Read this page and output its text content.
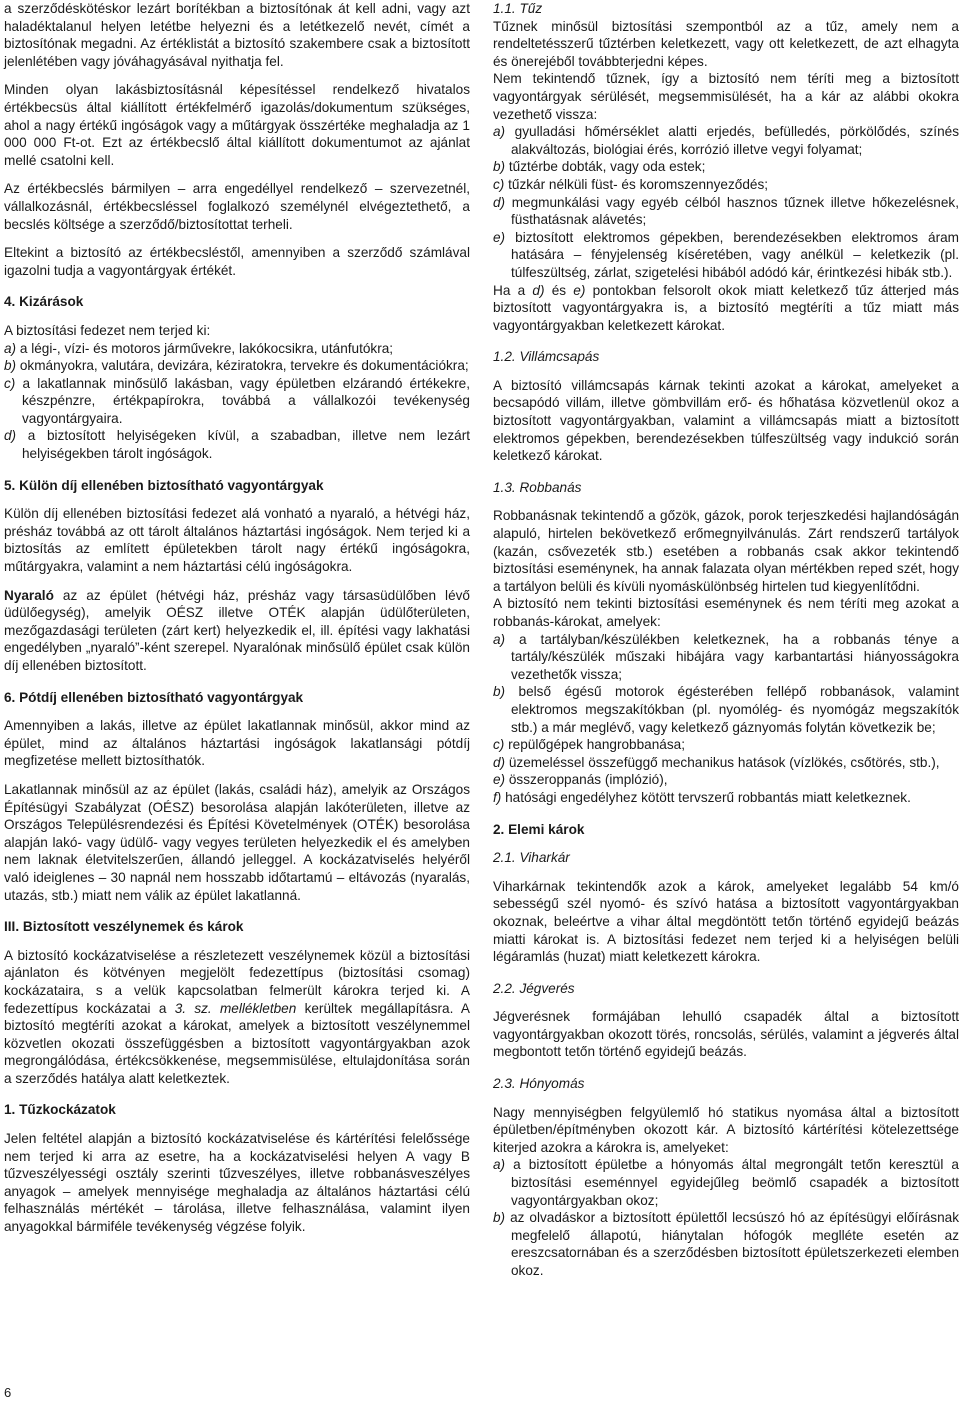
a szerződéskötéskor lezárt borítékban a biztosítónak át kell adni, vagy azt haladéktalanul helyen letétbe helyezni és a letétkezelő nevét, címét a biztosítónak megadni. Az értéklistát a biztosító szakembere csak a biztosított jelenlétében vagy jóváhagyásával nyithatja fel.

Minden olyan lakásbiztosításnál képesítéssel rendelkező hivatalos értékbecsüs által kiállított értékfelmérő igazolás/dokumentum szükséges, ahol a nagy értékű ingóságok vagy a műtárgyak összértéke meghaladja az 1 000 000 Ft-ot. Ezt az értékbecslő által kiállított dokumentumot az ajánlat mellé csatolni kell.

Az értékbecslés bármilyen – arra engedéllyel rendelkező – szervezetnél, vállalkozásnál, értékbecsléssel foglalkozó személynél elvégeztethető, a becslés költsége a szerződő/biztosítottat terheli.

Eltekint a biztosító az értékbecsléstől, amennyiben a szerződő számlával igazolni tudja a vagyontárgyak értékét.

4. Kizárások

A biztosítási fedezet nem terjed ki:

a) a légi-, vízi- és motoros járművekre, lakókocsikra, utánfutókra;
b) okmányokra, valutára, devizára, kéziratokra, tervekre és dokumentációkra;
c) a lakatlannak minősülő lakásban, vagy épületben elzárandó értékekre, készpénzre, értékpapírokra, továbbá a vállalkozói tevékenység vagyontárgyaira.
d) a biztosított helyiségeken kívül, a szabadban, illetve nem lezárt helyiségekben tárolt ingóságok.
5. Külön díj ellenében biztosítható vagyontárgyak

Külön díj ellenében biztosítási fedezet alá vonható a nyaraló, a hétvégi ház, présház továbbá az ott tárolt általános háztartási ingóságok. Nem terjed ki a biztosítás az említett épületekben tárolt nagy értékű ingóságokra, műtárgyakra, valamint a nem háztartási célú ingóságokra.

Nyaraló az az épület (hétvégi ház, présház vagy társasüdülőben lévő üdülőegység), amelyik OÉSZ illetve OTÉK alapján üdülőterületen, mezőgazdasági területen (zárt kert) helyezkedik el, ill. építési vagy lakhatási engedélyben „nyaraló”-ként szerepel. Nyaralónak minősülő épület csak külön díj ellenében biztosított.

6. Pótdíj ellenében biztosítható vagyontárgyak

Amennyiben a lakás, illetve az épület lakatlannak minősül, akkor mind az épület, mind az általános háztartási ingóságok lakatlansági pótdíj megfizetése mellett biztosíthatók.

Lakatlannak minősül az az épület (lakás, családi ház), amelyik az Országos Építésügyi Szabályzat (OÉSZ) besorolása alapján lakóterületen, illetve az Országos Településrendezési és Építési Követelmények (OTÉK) besorolása alapján lakó- vagy üdülő- vagy vegyes területen helyezkedik el és amelyben nem laknak életvitelszerűen, állandó jelleggel. A kockázatviselés helyéről való ideiglenes – 30 napnál nem hosszabb időtartamú – eltávozás (nyaralás, utazás, stb.) miatt nem válik az épület lakatlanná.

III. Biztosított veszélynemek és károk

A biztosító kockázatviselése a részletezett veszélynemek közül a biztosítási ajánlaton és kötvényen megjelölt fedezettípus (biztosítási csomag) kockázataira, s a velük kapcsolatban felmerült károkra terjed ki. A fedezettípus kockázatai a 3. sz. mellékletben kerültek megállapításra. A biztosító megtéríti azokat a károkat, amelyek a biztosított veszélynemmel közvetlen okozati összefüggésben a biztosított vagyontárgyakban azok megrongálódása, értékcsökkenése, megsemmisülése, eltulajdonítása során a szerződés hatálya alatt keletkeztek.

1. Tűzkockázatok

Jelen feltétel alapján a biztosító kockázatviselése és kártérítési felelőssége nem terjed ki arra az esetre, ha a kockázatviselési helyen A vagy B tűzveszélyességi osztály szerinti tűzveszélyes, illetve robbanásveszélyes anyagok – amelyek mennyisége meghaladja az általános háztartási célú felhasználás mértékét – tárolása, illetve felhasználása, valamint ilyen anyagokkal bármiféle tevékenység végzése folyik.

1.1. Tűz

Tűznek minősül biztosítási szempontból az a tűz, amely nem a rendeltetésszerű tűztérben keletkezett, vagy ott keletkezett, de azt elhagyta és önerejéből továbbterjedni képes.

Nem tekintendő tűznek, így a biztosító nem téríti meg a biztosított vagyontárgyak sérülését, megsemmisülését, ha a kár az alábbi okokra vezethető vissza:

a) gyulladási hőmérséklet alatti erjedés, befülledés, pörkölődés, színés alakváltozás, biológiai érés, korrózió illetve vegyi folyamat;
b) tűztérbe dobták, vagy oda estek;
c) tűzkár nélküli füst- és koromszennyeződés;
d) megmunkálási vagy egyéb célból hasznos tűznek illetve hőkezelésnek, füsthatásnak alávetés;
e) biztosított elektromos gépekben, berendezésekben elektromos áram hatására – fényjelenség kíséretében, vagy anélkül – keletkezik (pl. túlfeszültség, zárlat, szigetelési hibából adódó kár, érintkezési hibák stb.).

Ha a d) és e) pontokban felsorolt okok miatt keletkező tűz átterjed más biztosított vagyontárgyakra is, a biztosító megtéríti a tűz miatt más vagyontárgyakban keletkezett károkat.

1.2. Villámcsapás

A biztosító villámcsapás kárnak tekinti azokat a károkat, amelyeket a becsapódó villám, illetve gömbvillám erő- és hőhatása közvetlenül okoz a biztosított vagyontárgyakban, valamint a villámcsapás miatt a biztosított elektromos gépekben, berendezésekben túlfeszültség vagy indukció során keletkező károkat.

1.3. Robbanás

Robbanásnak tekintendő a gőzök, gázok, porok terjeszkedési hajlandóságán alapuló, hirtelen bekövetkező erőmegnyilvánulás. Zárt rendszerű tartályok (kazán, csővezeték stb.) esetében a robbanás csak akkor tekintendő biztosítási eseménynek, ha annak falazata olyan mértékben reped szét, hogy a tartályon belüli és kívüli nyomáskülönbség hirtelen tud kiegyenlítődni.

A biztosító nem tekinti biztosítási eseménynek és nem téríti meg azokat a robbanás-károkat, amelyek:

a) a tartályban/készülékben keletkeznek, ha a robbanás ténye a tartály/készülék műszaki hibájára vagy karbantartási hiányosságokra vezethetők vissza;
b) belső égésű motorok égésterében fellépő robbanások, valamint elektromos megszakítókban (pl. nyomólég- és nyomógáz megszakítók stb.) a már meglévő, vagy keletkező gáznyomás folytán következik be;
c) repülőgépek hangrobbanása;
d) üzemeléssel összefüggő mechanikus hatások (vízlökés, csőtörés, stb.),
e) összeroppanás (implózió),
f) hatósági engedélyhez kötött tervszerű robbantás miatt keletkeznek.
2. Elemi károk
2.1. Viharkár

Viharkárnak tekintendők azok a károk, amelyeket legalább 54 km/ó sebességű szél nyomó- és szívó hatása a biztosított vagyontárgyakban okoznak, beleértve a vihar által megdöntött tetőn történő egyidejű beázás miatti károkat is. A biztosítási fedezet nem terjed ki a helyiségen belüli légáramlás (huzat) miatt keletkezett károkra.

2.2. Jégverés

Jégverésnek formájában lehulló csapadék által a biztosított vagyontárgyakban okozott törés, roncsolás, sérülés, valamint a jégverés által megbontott tetőn történő egyidejű beázás.

2.3. Hónyomás

Nagy mennyiségben felgyülemlő hó statikus nyomása által a biztosított épületben/építményben okozott kár. A biztosító kártérítési kötelezettsége kiterjed azokra a károkra is, amelyeket:

a) a biztosított épületbe a hónyomás által megrongált tetőn keresztül a biztosítási eseménnyel egyidejűleg beömlő csapadék a biztosított vagyontárgyakban okoz;
b) az olvadáskor a biztosított épülettől lecsúszó hó az építésügyi előírásnak megfelelő állapotú, hiánytalan hófogók meglléte esetén az ereszcsatornában és a szerződésben biztosított épületszerkezeti elemben okoz.
6
